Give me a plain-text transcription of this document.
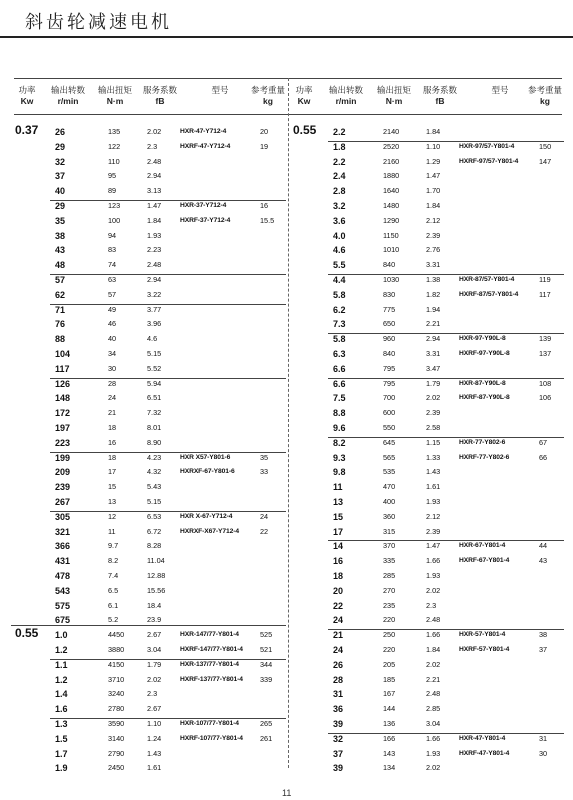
斜齿轮减速电机
功率
Kw
输出转数
r/min
输出扭矩
N·m
服务系数
fB
型号	参考重量
kg
功率
Kw
输出转数
r/min
输出扭矩
N·m
服务系数
fB
型号	参考重量
kg
0.37 26	135	2.02	HXR-47-Y712-4	20
29	122	2.3	HXRF-47-Y712-4	19
32	110	2.48
37	95	2.94
40	89	3.13
29	123	1.47	HXR-37-Y712-4	16
35	100	1.84	HXRF-37-Y712-4	15.5
38	94	1.93
43	83	2.23
48	74	2.48
57	63	2.94
62	57	3.22
71	49	3.77
76	46	3.96
88	40	4.6
104	34	5.15
117	30	5.52
126	28	5.94
148	24	6.51
172	21	7.32
197	18	8.01
223	16	8.90
199	18	4.23	HXR X57-Y801-6	35
209	17	4.32	HXRXF-67-Y801-6	33
239	15	5.43
267	13	5.15
305	12	6.53	HXR X-67-Y712-4	24
321	11	6.72	HXRXF-X67-Y712-4	22
366	9.7	8.28
431	8.2	11.04
478	7.4	12.88
543	6.5	15.56
575	6.1	18.4
675	5.2	23.9
0.55 1.0	4450	2.67	HXR-147/77-Y801-4	525
1.2	3880	3.04	HXRF-147/77-Y801-4 521
1.1	4150	1.79	HXR-137/77-Y801-4	344
1.2	3710	2.02	HXRF-137/77-Y801-4 339
1.4	3240	2.3
1.6	2780	2.67
1.3	3590	1.10	HXR-107/77-Y801-4	265
1.5	3140	1.24	HXRF-107/77-Y801-4 261
1.7	2790	1.43
1.9	2450	1.61
0.55 2.2	2140	1.84
1.8	2520	1.10	HXR-97/57-Y801-4	150
2.2	2160	1.29	HXRF-97/57-Y801-4	147
2.4	1880	1.47
2.8	1640	1.70
3.2	1480	1.84
3.6	1290	2.12
4.0	1150	2.39
4.6	1010	2.76
5.5	840	3.31
4.4	1030	1.38	HXR-87/57-Y801-4	119
5.8	830	1.82	HXRF-87/57-Y801-4	117
6.2	775	1.94
7.3	650	2.21
5.8	960	2.94	HXR-97-Y90L-8	139
6.3	840	3.31	HXRF-97-Y90L-8	137
6.6	795	3.47
6.6	795	1.79	HXR-87-Y90L-8	108
7.5	700	2.02	HXRF-87-Y90L-8	106
8.8	600	2.39
9.6	550	2.58
8.2	645	1.15	HXR-77-Y802-6	67
9.3	565	1.33	HXRF-77-Y802-6	66
9.8	535	1.43
11	470	1.61
13	400	1.93
15	360	2.12
17	315	2.39
14	370	1.47	HXR-67-Y801-4	44
16	335	1.66	HXRF-67-Y801-4	43
18	285	1.93
20	270	2.02
22	235	2.3
24	220	2.48
21	250	1.66	HXR-57-Y801-4	38
24	220	1.84	HXRF-57-Y801-4	37
26	205	2.02
28	185	2.21
31	167	2.48
36	144	2.85
39	136	3.04
32	166	1.66	HXR-47-Y801-4	31
37	143	1.93	HXRF-47-Y801-4	30
39	134	2.02
11
